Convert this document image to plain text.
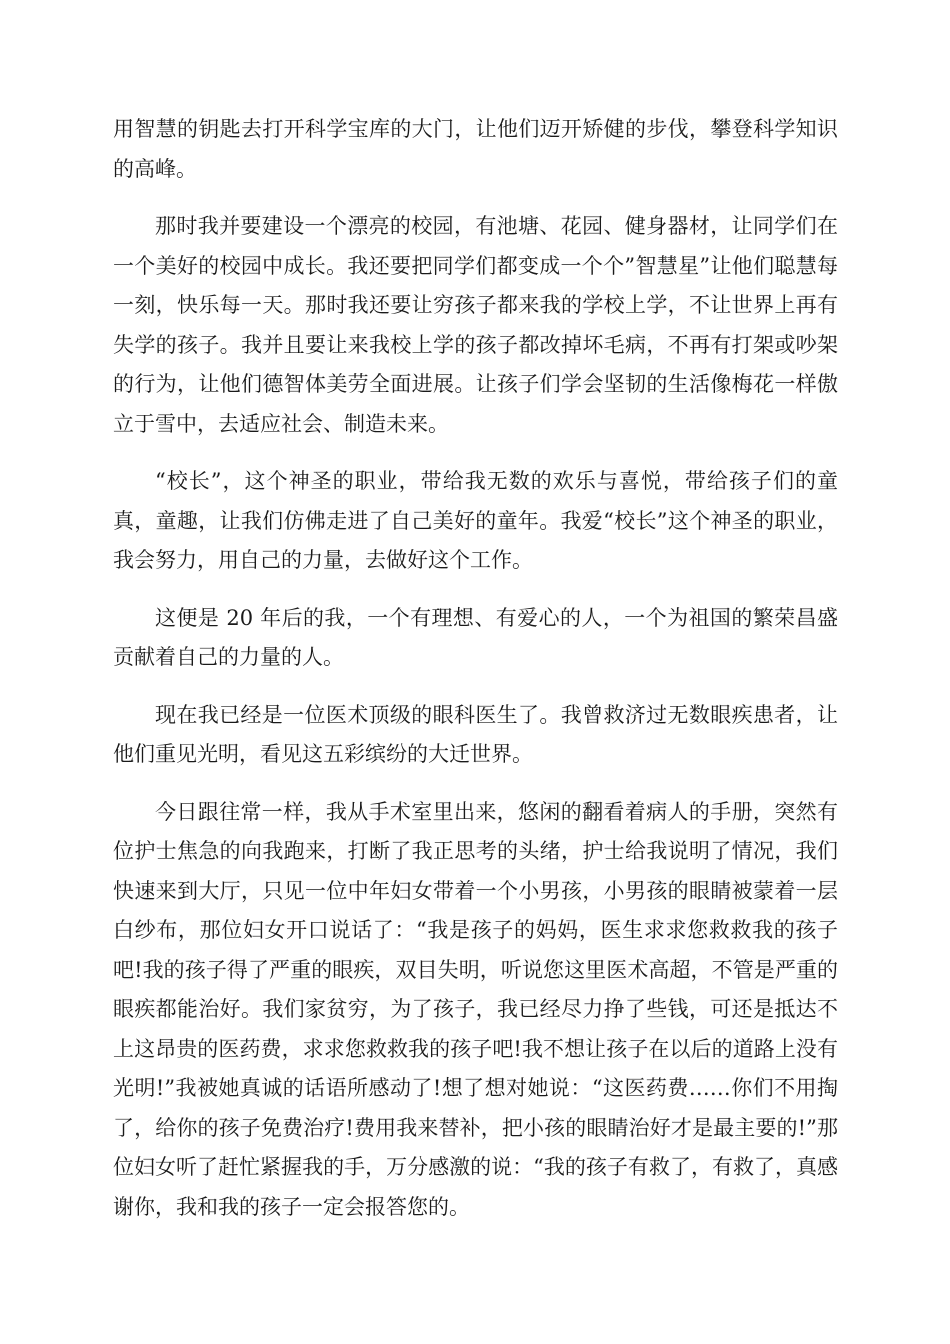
用智慧的钥匙去打开科学宝库的大门，让他们迈开矫健的步伐，攀登科学知识的高峰。

那时我并要建设一个漂亮的校园，有池塘、花园、健身器材，让同学们在一个美好的校园中成长。我还要把同学们都变成一个个”智慧星”让他们聪慧每一刻，快乐每一天。那时我还要让穷孩子都来我的学校上学，不让世界上再有失学的孩子。我并且要让来我校上学的孩子都改掉坏毛病，不再有打架或吵架的行为，让他们德智体美劳全面进展。让孩子们学会坚韧的生活像梅花一样傲立于雪中，去适应社会、制造未来。

“校长”，这个神圣的职业，带给我无数的欢乐与喜悦，带给孩子们的童真，童趣，让我们仿佛走进了自己美好的童年。我爱“校长”这个神圣的职业，我会努力，用自己的力量，去做好这个工作。

这便是 20 年后的我，一个有理想、有爱心的人，一个为祖国的繁荣昌盛贡献着自己的力量的人。

现在我已经是一位医术顶级的眼科医生了。我曾救济过无数眼疾患者，让他们重见光明，看见这五彩缤纷的大迁世界。

今日跟往常一样，我从手术室里出来，悠闲的翻看着病人的手册，突然有位护士焦急的向我跑来，打断了我正思考的头绪，护士给我说明了情况，我们快速来到大厅，只见一位中年妇女带着一个小男孩，小男孩的眼睛被蒙着一层白纱布，那位妇女开口说话了：“我是孩子的妈妈，医生求求您救救我的孩子吧!我的孩子得了严重的眼疾，双目失明，听说您这里医术高超，不管是严重的眼疾都能治好。我们家贫穷，为了孩子，我已经尽力挣了些钱，可还是抵达不上这昂贵的医药费，求求您救救我的孩子吧!我不想让孩子在以后的道路上没有光明!”我被她真诚的话语所感动了!想了想对她说：“这医药费……你们不用掏了，给你的孩子免费治疗!费用我来替补，把小孩的眼睛治好才是最主要的!”那位妇女听了赶忙紧握我的手，万分感激的说：“我的孩子有救了，有救了，真感谢你，我和我的孩子一定会报答您的。
